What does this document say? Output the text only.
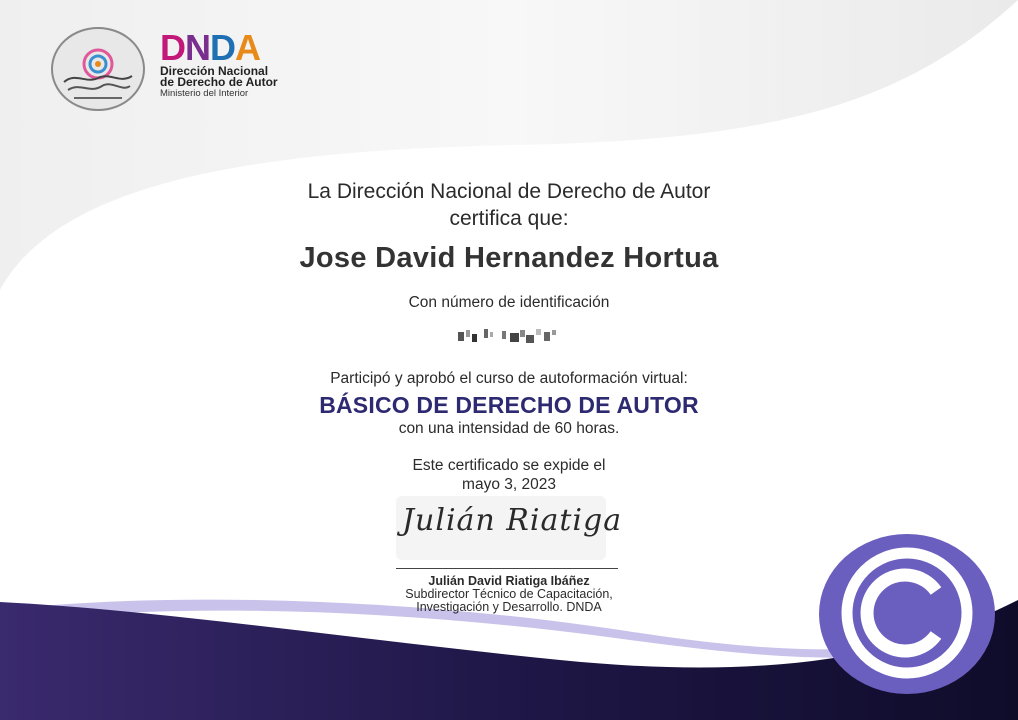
DNDA
Dirección Nacional
de Derecho de Autor
Ministerio del Interior
La Dirección Nacional de Derecho de Autor
certifica que:
Jose David Hernandez Hortua
Con número de identificación
Participó y aprobó el curso de autoformación virtual:
BÁSICO DE DERECHO DE AUTOR
con una intensidad de 60 horas.
Este certificado se expide el
mayo 3, 2023
Julián Riatiga
Julián David Riatiga Ibáñez
Subdirector Técnico de Capacitación,
Investigación y Desarrollo. DNDA
